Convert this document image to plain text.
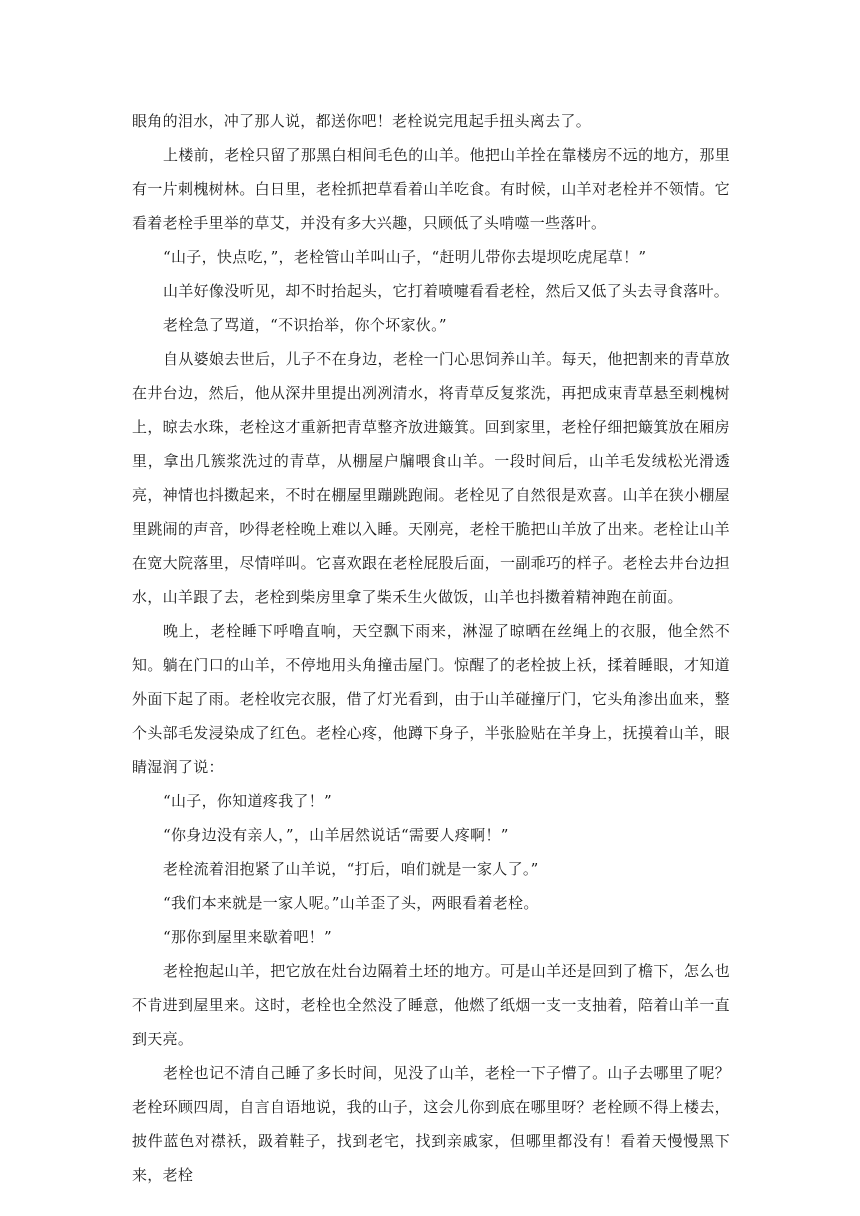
眼角的泪水，冲了那人说，都送你吧！老栓说完甩起手扭头离去了。

上楼前，老栓只留了那黑白相间毛色的山羊。他把山羊拴在靠楼房不远的地方，那里有一片刺槐树林。白日里，老栓抓把草看着山羊吃食。有时候，山羊对老栓并不领情。它看着老栓手里举的草艾，并没有多大兴趣，只顾低了头啃噬一些落叶。

“山子，快点吃，”，老栓管山羊叫山子，“赶明儿带你去堤坝吃虎尾草！”

山羊好像没听见，却不时抬起头，它打着喷嚏看看老栓，然后又低了头去寻食落叶。

老栓急了骂道，“不识抬举，你个坏家伙。”

自从婆娘去世后，儿子不在身边，老栓一门心思饲养山羊。每天，他把割来的青草放在井台边，然后，他从深井里提出冽冽清水，将青草反复浆洗，再把成束青草悬至刺槐树上，晾去水珠，老栓这才重新把青草整齐放进簸箕。回到家里，老栓仔细把簸箕放在厢房里，拿出几簇浆洗过的青草，从棚屋户牖喂食山羊。一段时间后，山羊毛发绒松光滑透亮，神情也抖擞起来，不时在棚屋里蹦跳跑闹。老栓见了自然很是欢喜。山羊在狭小棚屋里跳闹的声音，吵得老栓晚上难以入睡。天刚亮，老栓干脆把山羊放了出来。老栓让山羊在宽大院落里，尽情咩叫。它喜欢跟在老栓屁股后面，一副乖巧的样子。老栓去井台边担水，山羊跟了去，老栓到柴房里拿了柴禾生火做饭，山羊也抖擞着精神跑在前面。

晚上，老栓睡下呼噜直响，天空飘下雨来，淋湿了晾晒在丝绳上的衣服，他全然不知。躺在门口的山羊，不停地用头角撞击屋门。惊醒了的老栓披上袄，揉着睡眼，才知道外面下起了雨。老栓收完衣服，借了灯光看到，由于山羊碰撞厅门，它头角渗出血来，整个头部毛发浸染成了红色。老栓心疼，他蹲下身子，半张脸贴在羊身上，抚摸着山羊，眼睛湿润了说：

“山子，你知道疼我了！”

“你身边没有亲人，”，山羊居然说话“需要人疼啊！”

老栓流着泪抱紧了山羊说，“打后，咱们就是一家人了。”

“我们本来就是一家人呢。”山羊歪了头，两眼看着老栓。

“那你到屋里来歇着吧！”

老栓抱起山羊，把它放在灶台边隔着土坯的地方。可是山羊还是回到了檐下，怎么也不肯进到屋里来。这时，老栓也全然没了睡意，他燃了纸烟一支一支抽着，陪着山羊一直到天亮。

老栓也记不清自己睡了多长时间，见没了山羊，老栓一下子懵了。山子去哪里了呢？老栓环顾四周，自言自语地说，我的山子，这会儿你到底在哪里呀？老栓顾不得上楼去，披件蓝色对襟袄，趿着鞋子，找到老宅，找到亲戚家，但哪里都没有！看着天慢慢黑下来，老栓
